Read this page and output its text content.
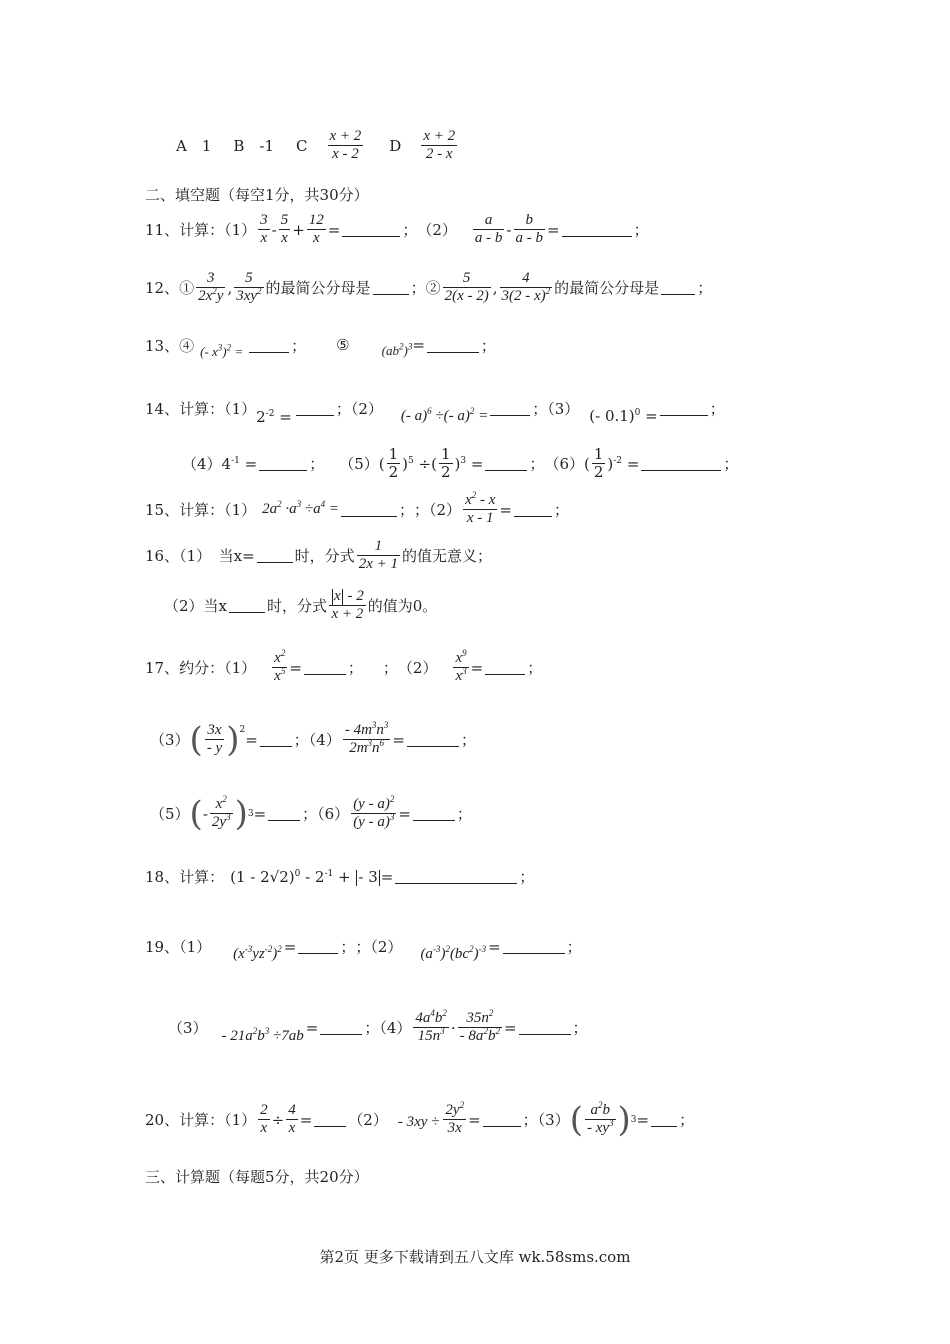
A　1 B　-1 C $\frac{x + 2}{x - 2}$ D $\frac{x + 2}{2 - x}$
二、填空题（每空1分，共30分）
11、计算：$(1) \frac{3}{x} - \frac{5}{x} + \frac{12}{x}$ =	；　$(2) \frac{a}{a - b} - \frac{b}{a - b}$ =	；
12、① $\frac{3}{2x^2y}$ , $\frac{5}{3xy^2}$ 的最简公分母是	；② $\frac{5}{2(x - 2)}$ , $\frac{4}{3(2 - x)^2}$ 的最简公分母是	；
13、④ (- $x^3)^2$ =	； ⑤ $(ab^2)^3$ =	；
14、计算：（1） $2^{-2}$ =	；（2） (- a)$^6$ ÷(- a)$^2$ =	；（3） (- 0.1)$^0$ =	；
（4） $4^{-1}$ =	；　　（5） ( $\frac{1}{2} )^5$ ÷( $\frac{1}{2} )^3$ =	；　（6） ( $\frac{1}{2} )^{-2}$ =	；
15、计算：（1） $2a^2 \cdot a^3 \div a^4$ =	； ；$(2) \frac{x^2 - x}{x - 1}$ =	；
16、（1）　当x=	时，分式 $\frac{1}{2x + 1}$ 的值无意义；
（2）当x	时，分式 $\frac{x - 2}{x + 2}$ 的值为0。
17、约分：$(1) \frac{x^2}{x^5}$ =	； ；　$(2) \frac{x^9}{x^3}$ =	；
（3） ( $\frac{3x}{- y}$ ) 2
= ；$(4) \frac{- 4m^3n^3}{2m^3n^6}$ =	；
（5） ( - $\frac{x^2}{2y^3}$ ) 3 = ；$(6) \frac{(y - a)^2}{(y - a)^3}$ =	；
18、计算： $(1 - 2√2)^0 - 2^{-1}$ + - 3 =	；
19、（1） $(x^{-3}yz^{-2})^2$ =	； ；（2） $(a^{-3})^2(bc^2)^{-3}$ =	；
$(3) - 21a^2b^3 \div 7ab$ =	；$(4) \frac{4a^4b^2}{15n^3} \cdot \frac{35n^2}{- 8a^2b^2}$ =	；
20、计算：$(1) \frac{2}{x} \div \frac{4}{x} = (2) - 3xy \div \frac{2y^2}{3x}$ =	；（3） ( $\frac{a^2b}{- xy^3}$ ) 3 = ；
三、计算题（每题5分，共20分）
第2页 更多下载请到五八文库 wk.58sms.com
